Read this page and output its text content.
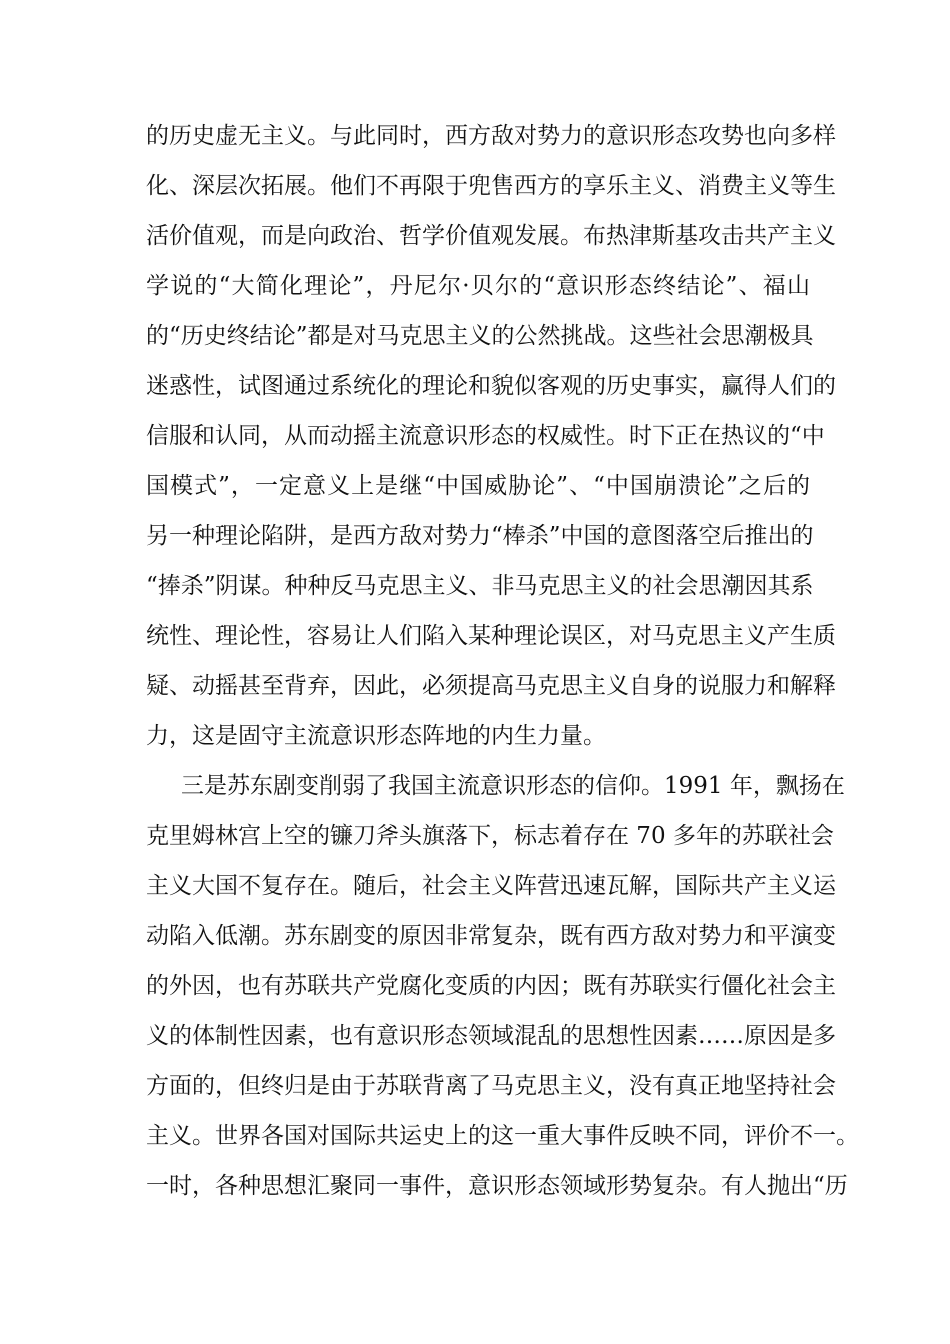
的历史虚无主义。与此同时，西方敌对势力的意识形态攻势也向多样
化、深层次拓展。他们不再限于兜售西方的享乐主义、消费主义等生
活价值观，而是向政治、哲学价值观发展。布热津斯基攻击共产主义
学说的“大简化理论”，丹尼尔·贝尔的“意识形态终结论”、福山
的“历史终结论”都是对马克思主义的公然挑战。这些社会思潮极具
迷惑性，试图通过系统化的理论和貌似客观的历史事实，赢得人们的
信服和认同，从而动摇主流意识形态的权威性。时下正在热议的“中
国模式”，一定意义上是继“中国威胁论”、“中国崩溃论”之后的
另一种理论陷阱，是西方敌对势力“棒杀”中国的意图落空后推出的
“捧杀”阴谋。种种反马克思主义、非马克思主义的社会思潮因其系
统性、理论性，容易让人们陷入某种理论误区，对马克思主义产生质
疑、动摇甚至背弃，因此，必须提高马克思主义自身的说服力和解释
力，这是固守主流意识形态阵地的内生力量。
三是苏东剧变削弱了我国主流意识形态的信仰。1991 年，飘扬在
克里姆林宫上空的镰刀斧头旗落下，标志着存在 70 多年的苏联社会
主义大国不复存在。随后，社会主义阵营迅速瓦解，国际共产主义运
动陷入低潮。苏东剧变的原因非常复杂，既有西方敌对势力和平演变
的外因，也有苏联共产党腐化变质的内因；既有苏联实行僵化社会主
义的体制性因素，也有意识形态领域混乱的思想性因素……原因是多
方面的，但终归是由于苏联背离了马克思主义，没有真正地坚持社会
主义。世界各国对国际共运史上的这一重大事件反映不同，评价不一。
一时，各种思想汇聚同一事件，意识形态领域形势复杂。有人抛出“历
